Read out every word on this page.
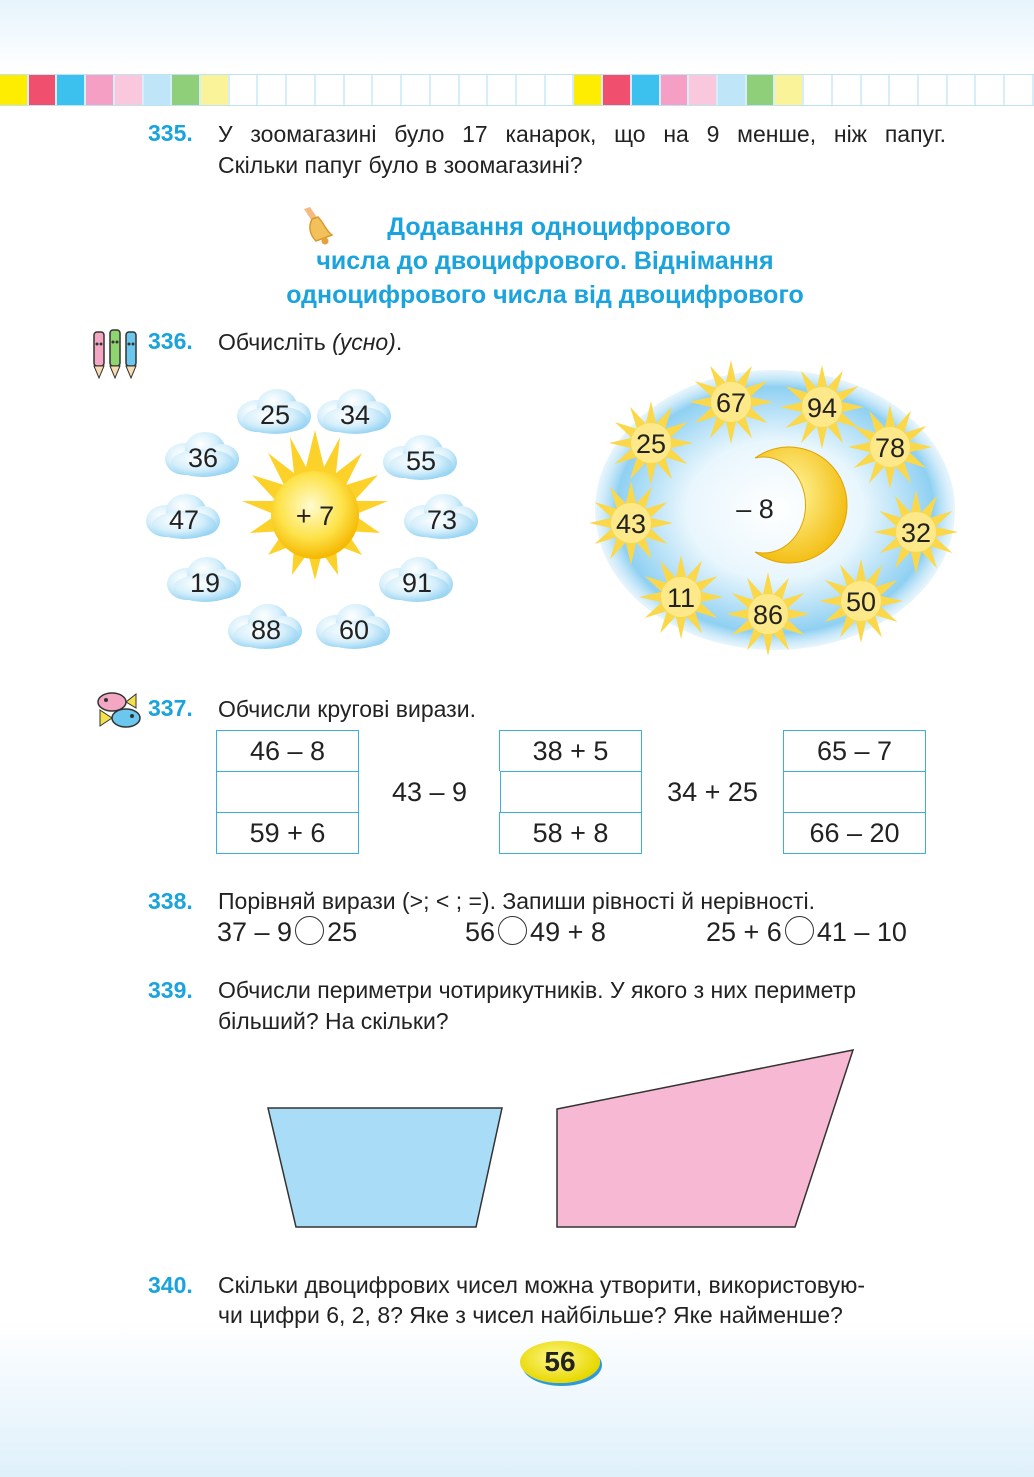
335. У зоомагазині було 17 канарок, що на 9 менше, ніж папуг.
Скільки папуг було в зоомагазині?
Додавання одноцифрового
числа до двоцифрового. Віднімання
одноцифрового числа від двоцифрового
336. Обчисліть (усно).
+ 7
25 34
36	55
47	73
19	91
88 60
– 8
67 94
25	78
43	32
11
86 50
337. Обчисли кругові вирази.
46 – 8	38 + 5	65 – 7
43 – 9	34 + 25
59 + 6	58 + 8	66 – 20
338. Порівняй вирази (>; < ; =). Запиши рівності й нерівності.
37 – 9 25	56 49 + 8	25 + 6 41 – 10
339. Обчисли периметри чотирикутників. У якого з них периметр
більший? На скільки?
340. Скільки двоцифрових чисел можна утворити, використовую-
чи цифри 6, 2, 8? Яке з чисел найбільше? Яке найменше?
56
